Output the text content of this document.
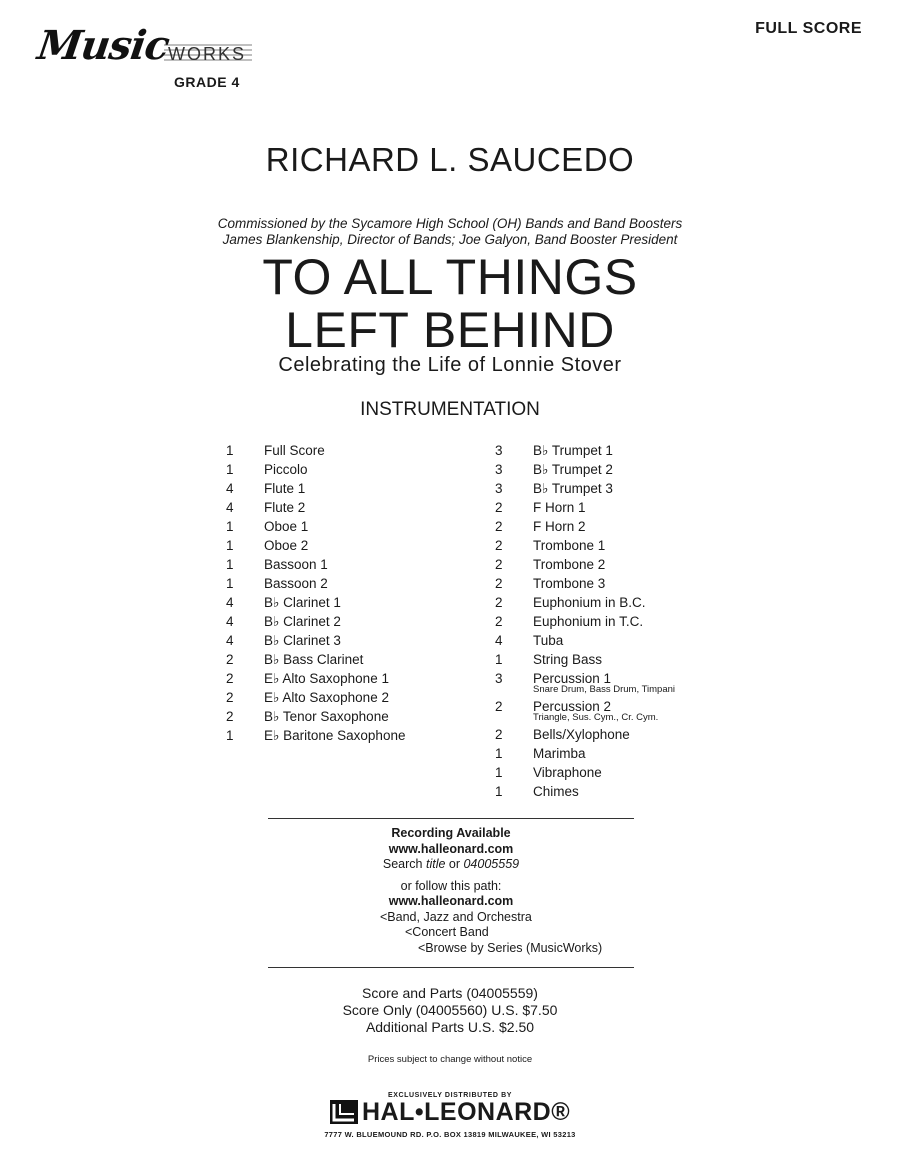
Music
WORKS
GRADE 4
FULL SCORE
RICHARD L. SAUCEDO
Commissioned by the Sycamore High School (OH) Bands and Band Boosters
James Blankenship, Director of Bands; Joe Galyon, Band Booster President
TO ALL THINGS
LEFT BEHIND
Celebrating the Life of Lonnie Stover
INSTRUMENTATION
1	Full Score
1	Piccolo
4	Flute 1
4	Flute 2
1	Oboe 1
1	Oboe 2
1	Bassoon 1
1	Bassoon 2
4	B♭ Clarinet 1
4	B♭ Clarinet 2
4	B♭ Clarinet 3
2	B♭ Bass Clarinet
2	E♭ Alto Saxophone 1
2	E♭ Alto Saxophone 2
2	B♭ Tenor Saxophone
1	E♭ Baritone Saxophone
3	B♭ Trumpet 1
3	B♭ Trumpet 2
3	B♭ Trumpet 3
2	F Horn 1
2	F Horn 2
2	Trombone 1
2	Trombone 2
2	Trombone 3
2	Euphonium in B.C.
2	Euphonium in T.C.
4	Tuba
1	String Bass
3	Percussion 1
Snare Drum, Bass Drum, Timpani
2	Percussion 2
Triangle, Sus. Cym., Cr. Cym.
2	Bells/Xylophone
1	Marimba
1	Vibraphone
1	Chimes
Recording Available
www.halleonard.com
Search title or 04005559
or follow this path:
www.halleonard.com
<Band, Jazz and Orchestra
<Concert Band
<Browse by Series (MusicWorks)
Score and Parts (04005559)
Score Only (04005560) U.S. $7.50
Additional Parts U.S. $2.50
Prices subject to change without notice
EXCLUSIVELY DISTRIBUTED BY
HAL•LEONARD®
7777 W. BLUEMOUND RD. P.O. BOX 13819 MILWAUKEE, WI 53213
